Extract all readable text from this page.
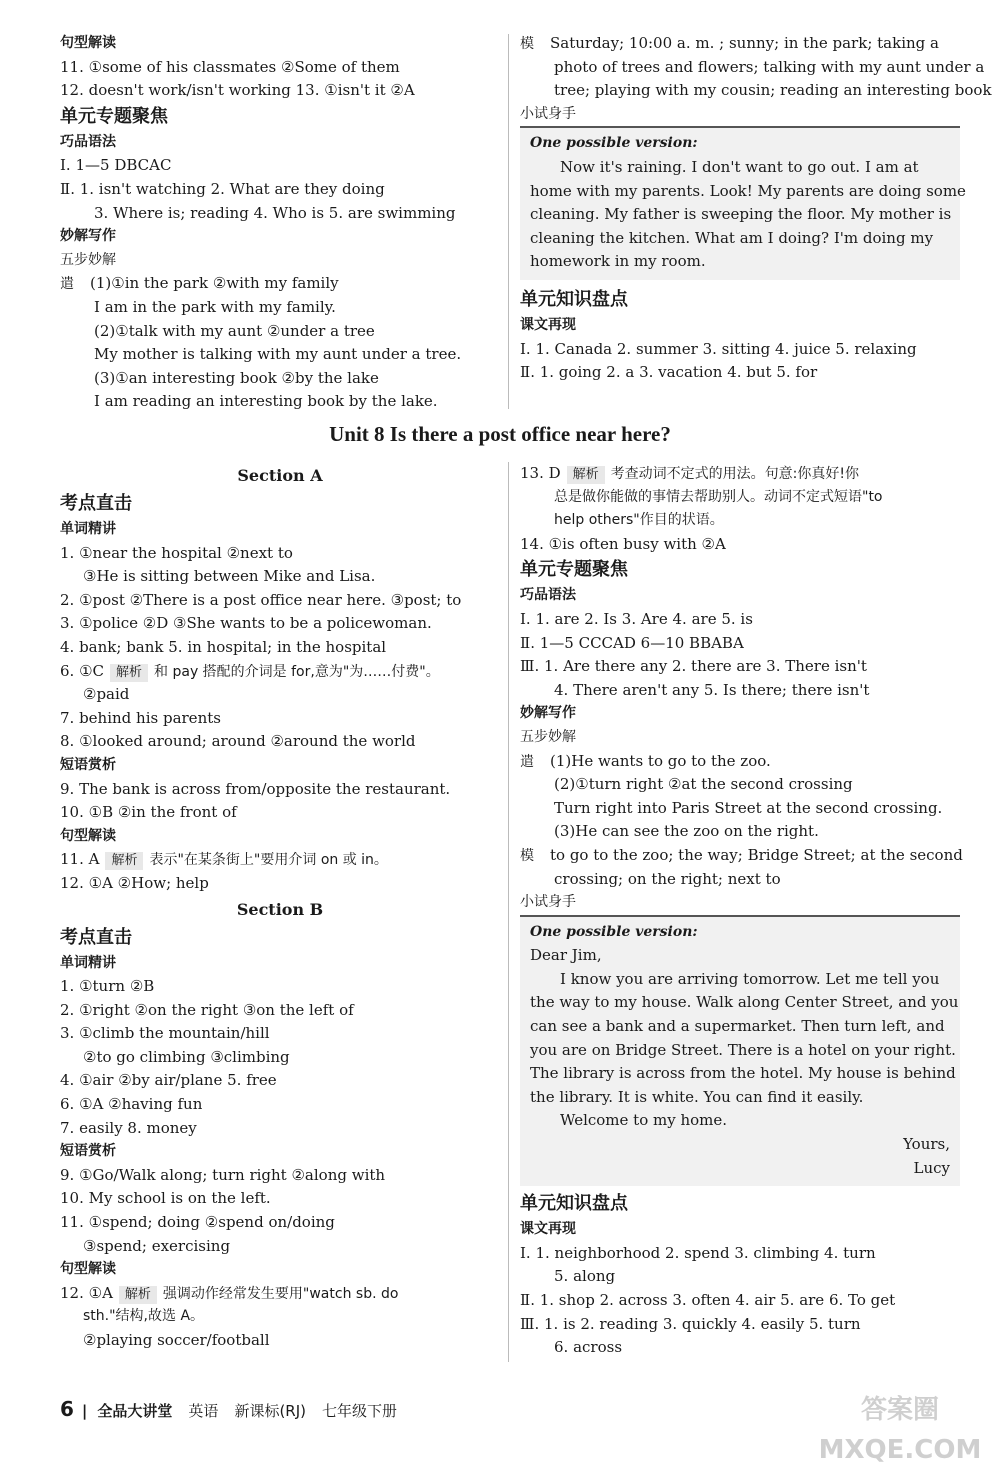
句型解读
11. ①some of his classmates ②Some of them
12. doesn't work/isn't working 13. ①isn't it ②A
单元专题聚焦
巧品语法
Ⅰ. 1—5 DBCAC
Ⅱ. 1. isn't watching 2. What are they doing
3. Where is; reading 4. Who is 5. are swimming
妙解写作
五步妙解
遣 (1)①in the park ②with my family
I am in the park with my family.
(2)①talk with my aunt ②under a tree
My mother is talking with my aunt under a tree.
(3)①an interesting book ②by the lake
I am reading an interesting book by the lake.
模 Saturday; 10:00 a. m. ; sunny; in the park; taking a
photo of trees and flowers; talking with my aunt under a
tree; playing with my cousin; reading an interesting book
小试身手
One possible version:
Now it's raining. I don't want to go out. I am at
home with my parents. Look! My parents are doing some
cleaning. My father is sweeping the floor. My mother is
cleaning the kitchen. What am I doing? I'm doing my
homework in my room.
单元知识盘点
课文再现
Ⅰ. 1. Canada 2. summer 3. sitting 4. juice 5. relaxing
Ⅱ. 1. going 2. a 3. vacation 4. but 5. for
Unit 8 Is there a post office near here?
Section A
考点直击
单词精讲
1. ①near the hospital ②next to
③He is sitting between Mike and Lisa.
2. ①post ②There is a post office near here. ③post; to
3. ①police ②D ③She wants to be a policewoman.
4. bank; bank 5. in hospital; in the hospital
6. ①C 解析 和 pay 搭配的介词是 for,意为"为……付费"。
②paid
7. behind his parents
8. ①looked around; around ②around the world
短语赏析
9. The bank is across from/opposite the restaurant.
10. ①B ②in the front of
句型解读
11. A 解析 表示"在某条街上"要用介词 on 或 in。
12. ①A ②How; help
Section B
考点直击
单词精讲
1. ①turn ②B
2. ①right ②on the right ③on the left of
3. ①climb the mountain/hill
②to go climbing ③climbing
4. ①air ②by air/plane 5. free
6. ①A ②having fun
7. easily 8. money
短语赏析
9. ①Go/Walk along; turn right ②along with
10. My school is on the left.
11. ①spend; doing ②spend on/doing
③spend; exercising
句型解读
12. ①A 解析 强调动作经常发生要用"watch sb. do
sth."结构,故选 A。
②playing soccer/football
13. D 解析 考查动词不定式的用法。句意:你真好!你
总是做你能做的事情去帮助别人。动词不定式短语"to
help others"作目的状语。
14. ①is often busy with ②A
单元专题聚焦
巧品语法
Ⅰ. 1. are 2. Is 3. Are 4. are 5. is
Ⅱ. 1—5 CCCAD 6—10 BBABA
Ⅲ. 1. Are there any 2. there are 3. There isn't
4. There aren't any 5. Is there; there isn't
妙解写作
五步妙解
遣 (1)He wants to go to the zoo.
(2)①turn right ②at the second crossing
Turn right into Paris Street at the second crossing.
(3)He can see the zoo on the right.
模 to go to the zoo; the way; Bridge Street; at the second
crossing; on the right; next to
小试身手
One possible version:
Dear Jim,
I know you are arriving tomorrow. Let me tell you
the way to my house. Walk along Center Street, and you
can see a bank and a supermarket. Then turn left, and
you are on Bridge Street. There is a hotel on your right.
The library is across from the hotel. My house is behind
the library. It is white. You can find it easily.
Welcome to my home.
Yours,
Lucy
单元知识盘点
课文再现
Ⅰ. 1. neighborhood 2. spend 3. climbing 4. turn
5. along
Ⅱ. 1. shop 2. across 3. often 4. air 5. are 6. To get
Ⅲ. 1. is 2. reading 3. quickly 4. easily 5. turn
6. across
6 | 全品大讲堂 英语 新课标(RJ) 七年级下册	答案圈 MXQE.COM
